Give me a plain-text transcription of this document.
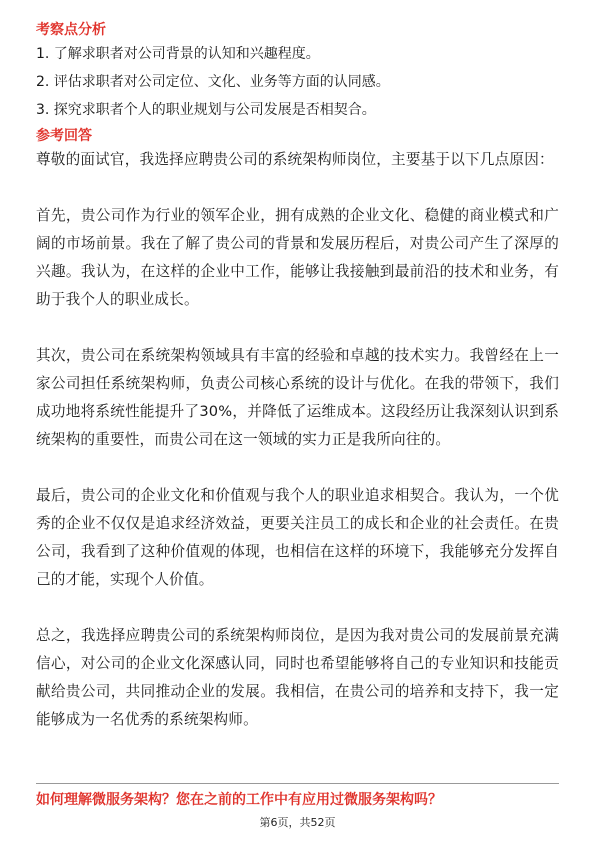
考察点分析
1. 了解求职者对公司背景的认知和兴趣程度。
2. 评估求职者对公司定位、文化、业务等方面的认同感。
3. 探究求职者个人的职业规划与公司发展是否相契合。
参考回答

尊敬的面试官，我选择应聘贵公司的系统架构师岗位，主要基于以下几点原因：

首先，贵公司作为行业的领军企业，拥有成熟的企业文化、稳健的商业模式和广阔的市场前景。我在了解了贵公司的背景和发展历程后，对贵公司产生了深厚的兴趣。我认为，在这样的企业中工作，能够让我接触到最前沿的技术和业务，有助于我个人的职业成长。

其次，贵公司在系统架构领域具有丰富的经验和卓越的技术实力。我曾经在上一家公司担任系统架构师，负责公司核心系统的设计与优化。在我的带领下，我们成功地将系统性能提升了30%，并降低了运维成本。这段经历让我深刻认识到系统架构的重要性，而贵公司在这一领域的实力正是我所向往的。

最后，贵公司的企业文化和价值观与我个人的职业追求相契合。我认为，一个优秀的企业不仅仅是追求经济效益，更要关注员工的成长和企业的社会责任。在贵公司，我看到了这种价值观的体现，也相信在这样的环境下，我能够充分发挥自己的才能，实现个人价值。

总之，我选择应聘贵公司的系统架构师岗位，是因为我对贵公司的发展前景充满信心，对公司的企业文化深感认同，同时也希望能够将自己的专业知识和技能贡献给贵公司，共同推动企业的发展。我相信，在贵公司的培养和支持下，我一定能够成为一名优秀的系统架构师。

如何理解微服务架构？您在之前的工作中有应用过微服务架构吗？
第6页，共52页
